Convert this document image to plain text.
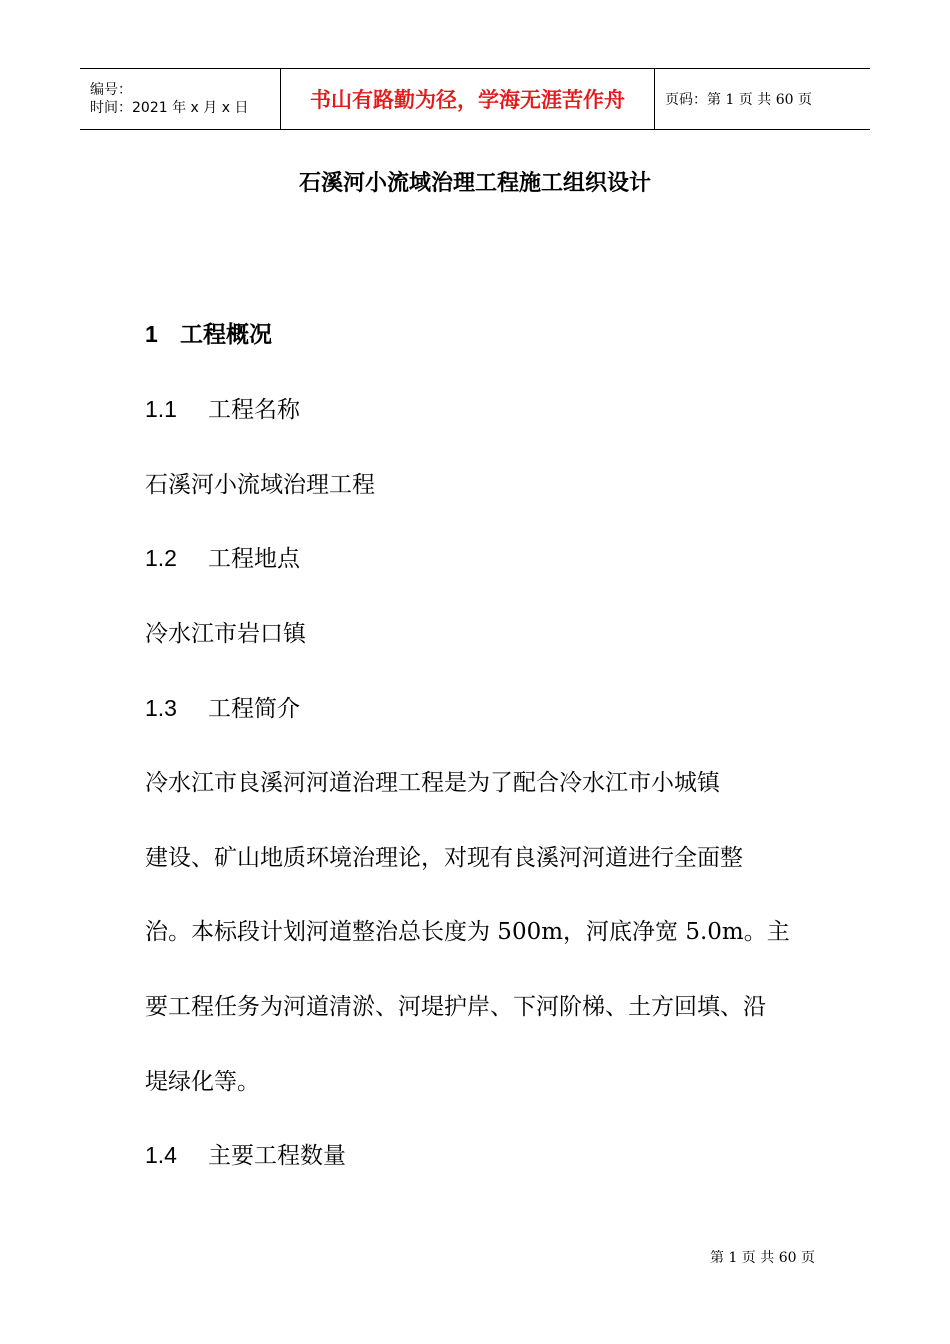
编号：
时间：2021 年 x 月 x 日	书山有路勤为径，学海无涯苦作舟	页码：第 1 页 共 60 页
石溪河小流域治理工程施工组织设计
1 工程概况
1.1 工程名称
石溪河小流域治理工程
1.2 工程地点
冷水江市岩口镇
1.3 工程简介
冷水江市良溪河河道治理工程是为了配合冷水江市小城镇
建设、矿山地质环境治理论，对现有良溪河河道进行全面整
治。本标段计划河道整治总长度为 500m，河底净宽 5.0m。主
要工程任务为河道清淤、河堤护岸、下河阶梯、土方回填、沿
堤绿化等。
1.4 主要工程数量
第 1 页 共 60 页
